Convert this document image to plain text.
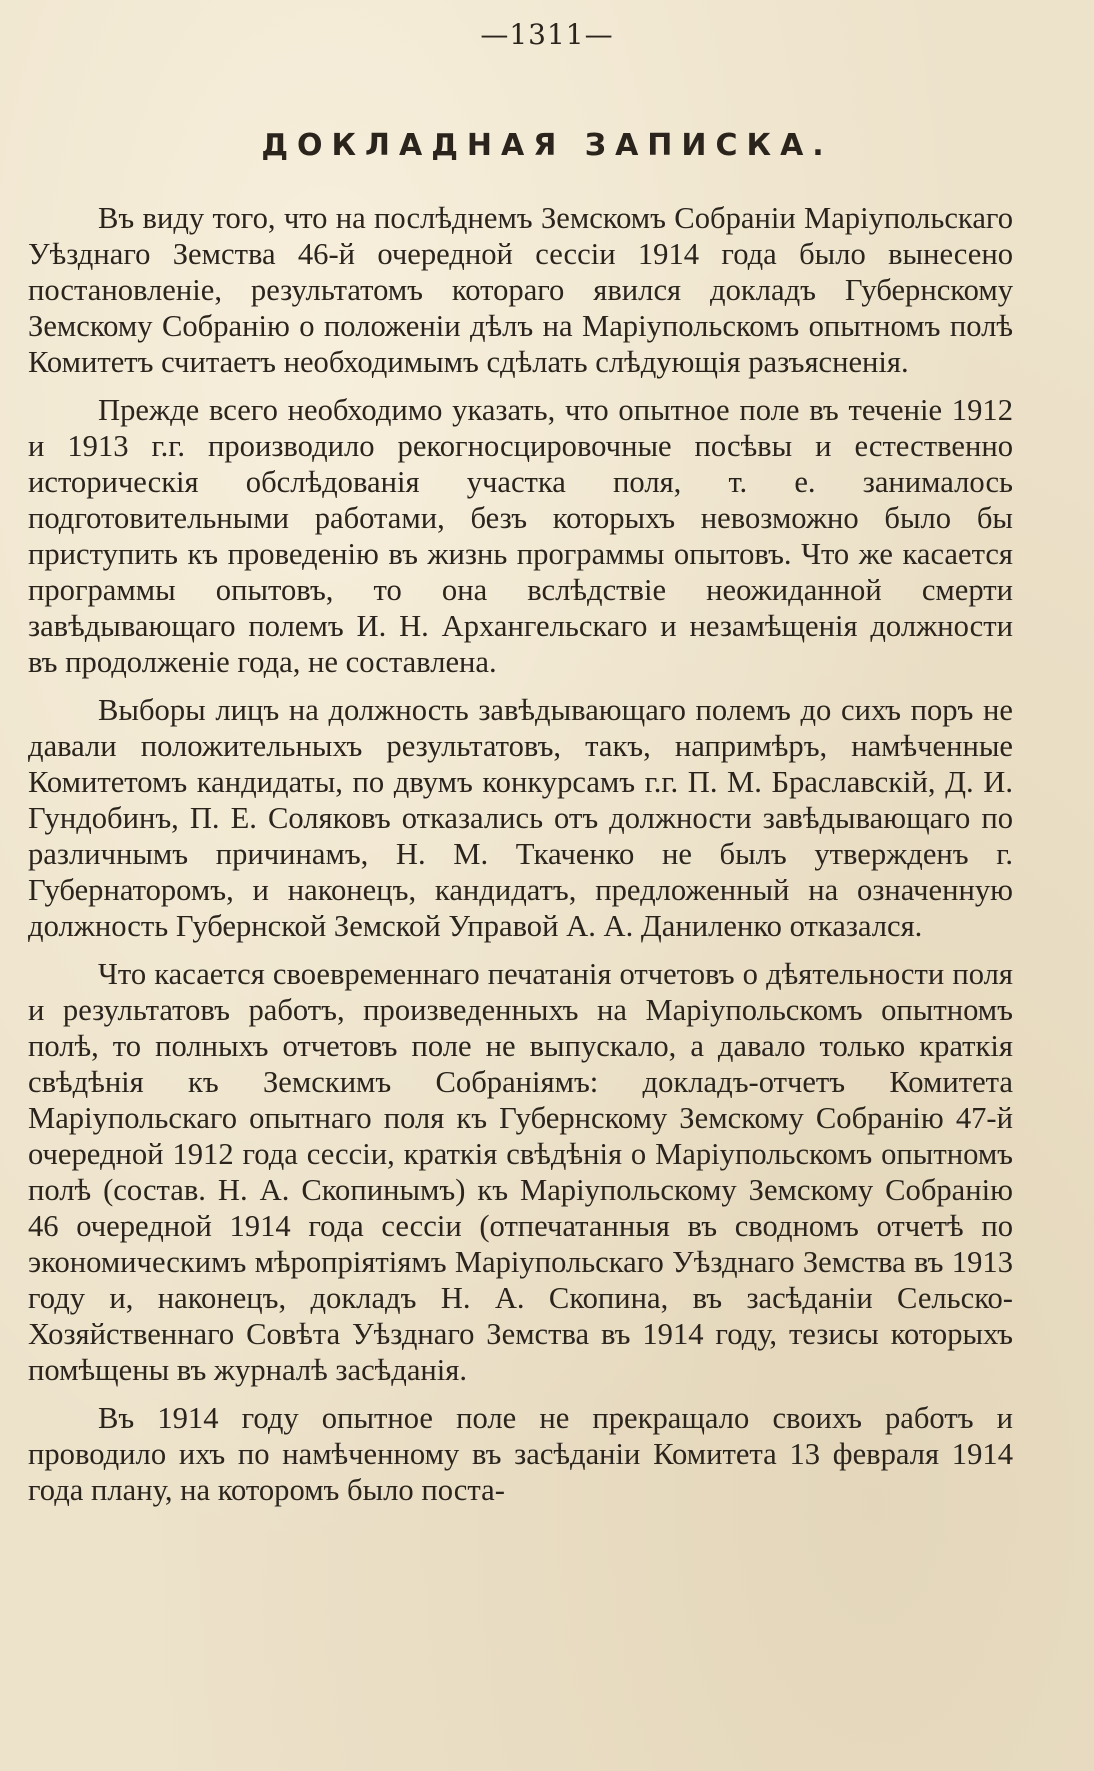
—1311—
ДОКЛАДНАЯ ЗАПИСКА.

Въ виду того, что на послѣднемъ Земскомъ Собраніи Маріупольскаго Уѣзднаго Земства 46-й очередной сессіи 1914 года было вынесено постановленіе, результатомъ котораго явился докладъ Губернскому Земскому Собранію о положеніи дѣлъ на Маріупольскомъ опытномъ полѣ Комитетъ считаетъ необходимымъ сдѣлать слѣдующія разъясненія.

Прежде всего необходимо указать, что опытное поле въ теченіе 1912 и 1913 г.г. производило рекогносцировочные посѣвы и естественно историческія обслѣдованія участка поля, т. е. занималось подготовительными работами, безъ которыхъ невозможно было бы приступить къ проведенію въ жизнь программы опытовъ. Что же касается программы опытовъ, то она вслѣдствіе неожиданной смерти завѣдывающаго полемъ И. Н. Архангельскаго и незамѣщенія должности въ продолженіе года, не составлена.

Выборы лицъ на должность завѣдывающаго полемъ до сихъ поръ не давали положительныхъ результатовъ, такъ, напримѣръ, намѣченные Комитетомъ кандидаты, по двумъ конкурсамъ г.г. П. М. Браславскій, Д. И. Гундобинъ, П. Е. Соляковъ отказались отъ должности завѣдывающаго по различнымъ причинамъ, Н. М. Ткаченко не былъ утвержденъ г. Губернаторомъ, и наконецъ, кандидатъ, предложенный на означенную должность Губернской Земской Управой А. А. Даниленко отказался.

Что касается своевременнаго печатанія отчетовъ о дѣятельности поля и результатовъ работъ, произведенныхъ на Маріупольскомъ опытномъ полѣ, то полныхъ отчетовъ поле не выпускало, а давало только краткія свѣдѣнія къ Земскимъ Собраніямъ: докладъ-отчетъ Комитета Маріупольскаго опытнаго поля къ Губернскому Земскому Собранію 47-й очередной 1912 года сессіи, краткія свѣдѣнія о Маріупольскомъ опытномъ полѣ (состав. Н. А. Скопинымъ) къ Маріупольскому Земскому Собранію 46 очередной 1914 года сессіи (отпечатанныя въ сводномъ отчетѣ по экономическимъ мѣропріятіямъ Маріупольскаго Уѣзднаго Земства въ 1913 году и, наконецъ, докладъ Н. А. Скопина, въ засѣданіи Сельско-Хозяйственнаго Совѣта Уѣзднаго Земства въ 1914 году, тезисы которыхъ помѣщены въ журналѣ засѣданія.

Въ 1914 году опытное поле не прекращало своихъ работъ и проводило ихъ по намѣченному въ засѣданіи Комитета 13 февраля 1914 года плану, на которомъ было поста-
